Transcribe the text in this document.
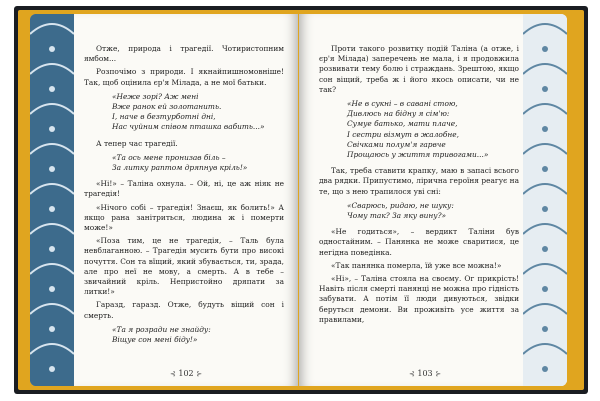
Отже, природа і трагедії. Чотиристопним ямбом...

Розпочімо з природи. І якнайпишномовніше! Так, щоб оцінила єр'я Мілада, а не мої батьки.

«Неже зорі? Аж мені
Вже ранок ей золотанить.
І, наче в безтурботні дні,
Нас чуйним співом пташка вабить...»

А тепер час трагедії.

«Та ось мене пронизав біль –
За литку раптом дряпнув кріль!»

«Ні!» – Таліна охнула. – Ой, ні, це аж ніяк не трагедія!

«Нічого собі – трагедія! Знаєш, як болить!» А якщо рана занітриться, людина ж і померти може!»

«Поза тим, це не трагедія, – Таль була невблаганною. – Трагедія мусить бути про високі почуття. Сон та вїщий, який збувається, ти, зрада, але про неї не мову, а смерть. А в тебе – звичайний кріль. Непристойно дряпати за литки!»

Гаразд, гаразд. Отже, будуть віщий сон і смерть.

«Та я розради не знайду:
Віщуе сон мені біду!»
⊰ 102 ⊱

Проти такого розвитку подій Таліна (а отже, і єр'я Мілада) заперечень не мала, і я продовжила розвивати тему болю і страждань. Зрештою, якщо сон віщий, треба ж і його якось описати, чи не так?

«Не в сукні – в савані стою,
Дивлюсь на бідну я сім'ю:
Сумуе батько, мати плаче,
І сестри візмут в жалобне,
Свічками полум'я гарвче
Прощаюсь у життя тривогами...»

Так, треба ставити крапку, маю в запасі всього два рядки. Припустимо, лірична героїня реагує на те, що з нею трапилося уві сні:

«Сварюсь, ридаю, не шуку:
Чому так? За яку вину?»

«Не годиться», – вердикт Таліни був одностайним. – Панянка не може сваритися, це негідна поведінка.

«Так панянка померла, їй уже все можна!»

«Ні», – Таліна стояла на своєму. Ог прикрість! Навіть після смерті панянці не можна про гідність забувати. А потім її люди дивуються, звідки беруться демони. Ви проживіть усе життя за правилами,

⊰ 103 ⊱
